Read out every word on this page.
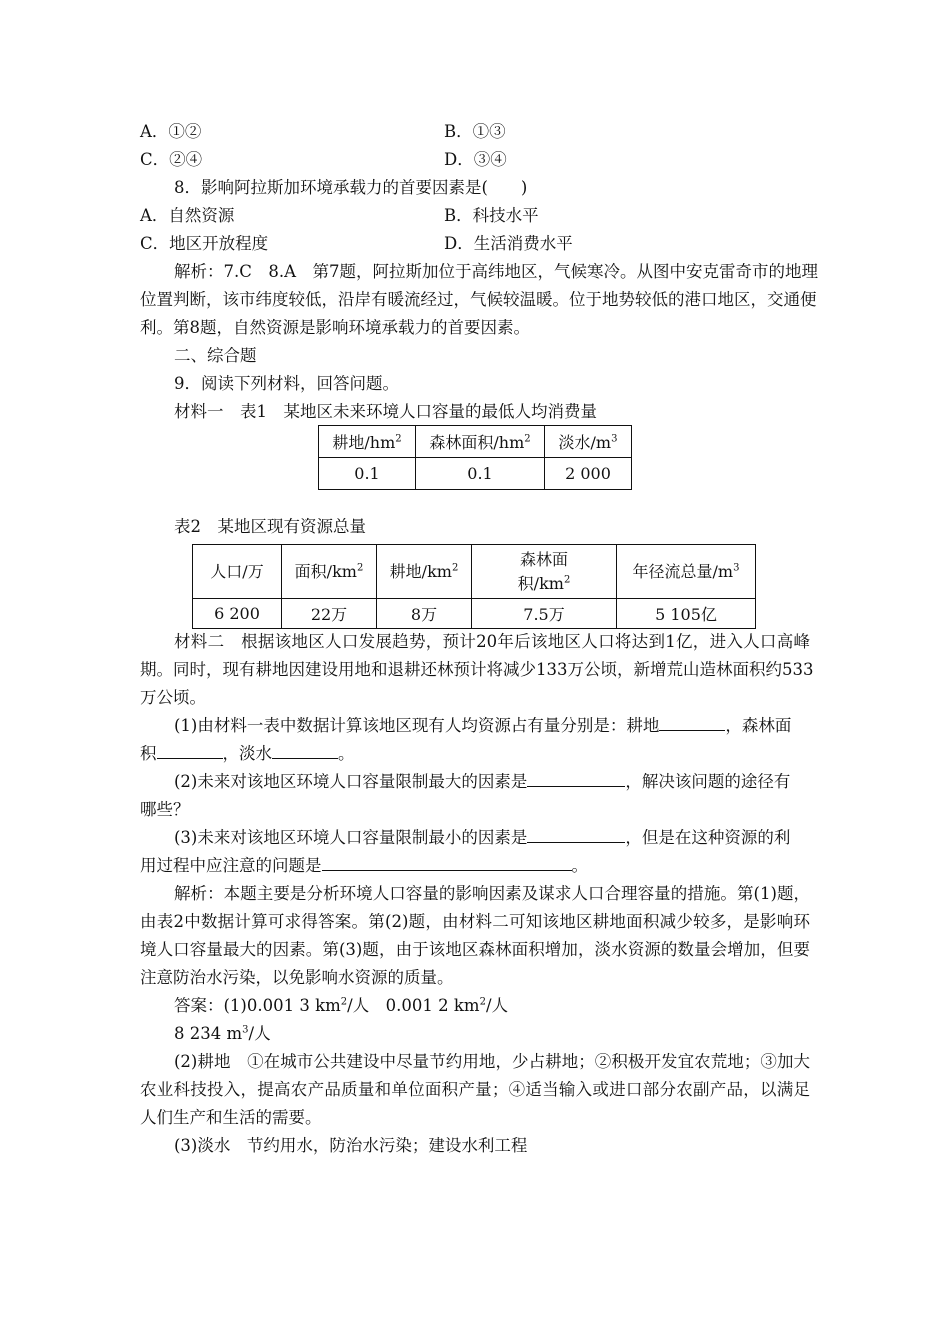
A．①②	B．①③
C．②④	D．③④
8．影响阿拉斯加环境承载力的首要因素是(　　)
A．自然资源	B．科技水平
C．地区开放程度	D．生活消费水平
解析：7.C　8.A　第7题，阿拉斯加位于高纬地区，气候寒冷。从图中安克雷奇市的地理
位置判断，该市纬度较低，沿岸有暖流经过，气候较温暖。位于地势较低的港口地区，交通便
利。第8题，自然资源是影响环境承载力的首要因素。
二、综合题
9．阅读下列材料，回答问题。
材料一　表1　某地区未来环境人口容量的最低人均消费量
耕地$/hm^2$	森林面积$/hm^2$	淡水$/m^3$
0.1	0.1	2 000
表2　某地区现有资源总量
人口/万	面积$/km^2$	耕地$/km^2$	森林面
积$/km^2$	年径流总量$/m^3$
6 200	22万	8万	7.5万	5 105亿
材料二　根据该地区人口发展趋势，预计20年后该地区人口将达到1亿，进入人口高峰
期。同时，现有耕地因建设用地和退耕还林预计将减少133万公顷，新增荒山造林面积约533
万公顷。
(1)由材料一表中数据计算该地区现有人均资源占有量分别是：耕地	，森林面
积	，淡水	。
(2)未来对该地区环境人口容量限制最大的因素是	，解决该问题的途径有
哪些？
(3)未来对该地区环境人口容量限制最小的因素是	，但是在这种资源的利
用过程中应注意的问题是	。
解析：本题主要是分析环境人口容量的影响因素及谋求人口合理容量的措施。第(1)题，
由表2中数据计算可求得答案。第(2)题，由材料二可知该地区耕地面积减少较多，是影响环
境人口容量最大的因素。第(3)题，由于该地区森林面积增加，淡水资源的数量会增加，但要
注意防治水污染，以免影响水资源的质量。
答案：(1)0.001 3 $km^2/$人　0.001 2 $km^2/$人
8 234 $m^3/$人
(2)耕地　①在城市公共建设中尽量节约用地，少占耕地；②积极开发宜农荒地；③加大
农业科技投入，提高农产品质量和单位面积产量；④适当输入或进口部分农副产品，以满足
人们生产和生活的需要。
(3)淡水　节约用水，防治水污染；建设水利工程
